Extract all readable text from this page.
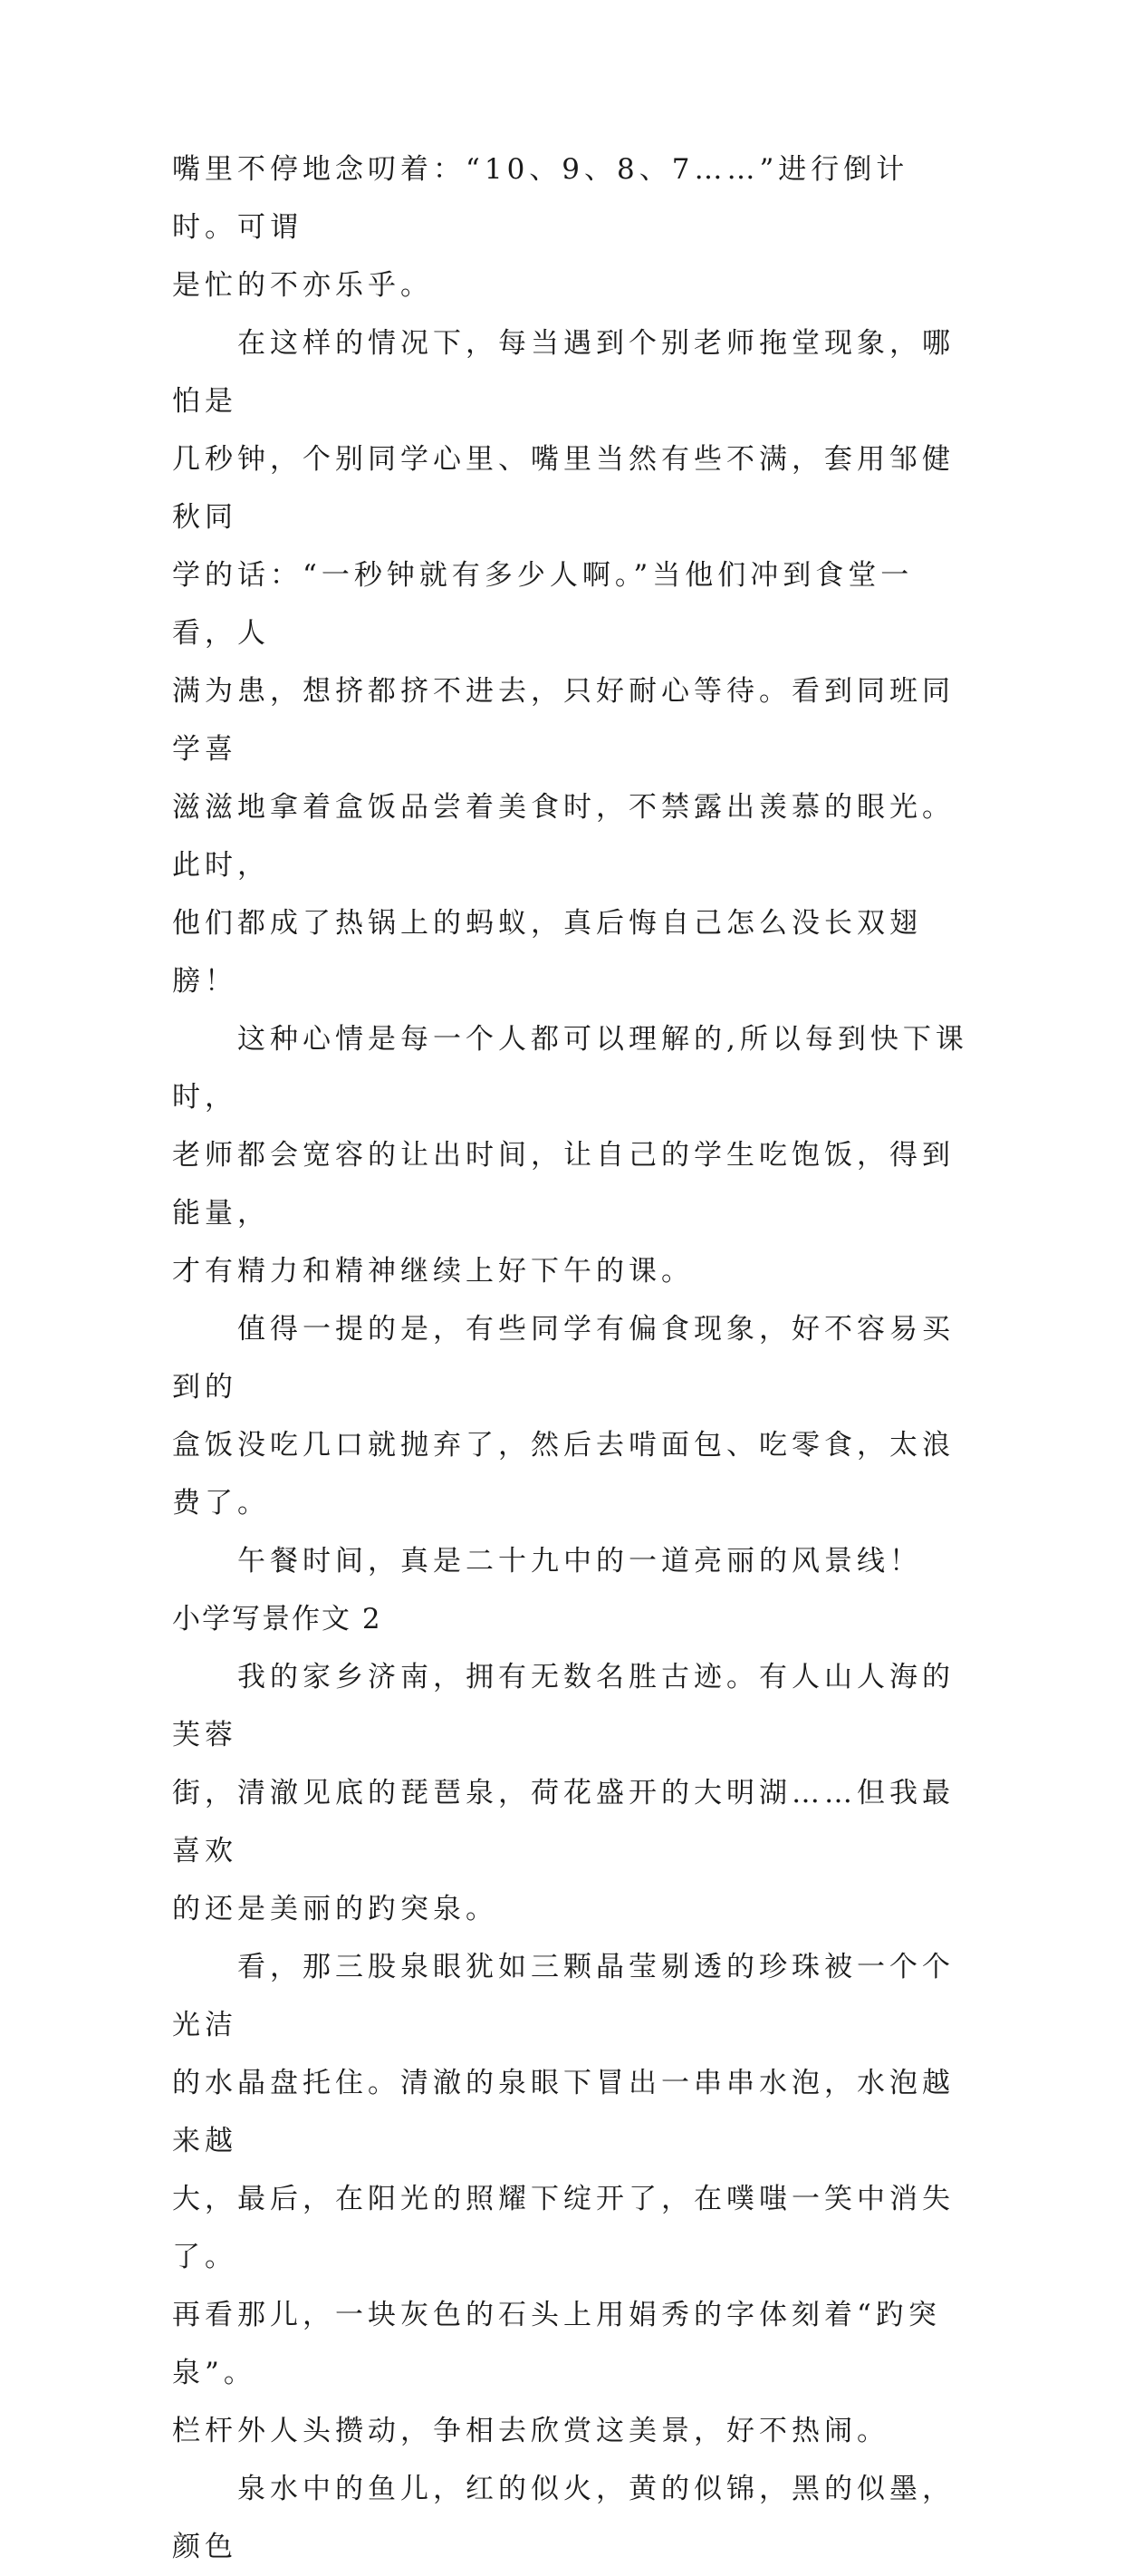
嘴里不停地念叨着：“10、9、8、7……”进行倒计时。可谓
是忙的不亦乐乎。

在这样的情况下，每当遇到个别老师拖堂现象，哪怕是
几秒钟，个别同学心里、嘴里当然有些不满，套用邹健秋同
学的话：“一秒钟就有多少人啊。”当他们冲到食堂一看，人
满为患，想挤都挤不进去，只好耐心等待。看到同班同学喜
滋滋地拿着盒饭品尝着美食时，不禁露出羡慕的眼光。此时，
他们都成了热锅上的蚂蚁，真后悔自己怎么没长双翅膀！

这种心情是每一个人都可以理解的,所以每到快下课时，
老师都会宽容的让出时间，让自己的学生吃饱饭，得到能量，
才有精力和精神继续上好下午的课。

值得一提的是，有些同学有偏食现象，好不容易买到的
盒饭没吃几口就抛弃了，然后去啃面包、吃零食，太浪费了。

午餐时间，真是二十九中的一道亮丽的风景线！

小学写景作文 2

我的家乡济南，拥有无数名胜古迹。有人山人海的芙蓉
街，清澈见底的琵琶泉，荷花盛开的大明湖……但我最喜欢
的还是美丽的趵突泉。

看，那三股泉眼犹如三颗晶莹剔透的珍珠被一个个光洁
的水晶盘托住。清澈的泉眼下冒出一串串水泡，水泡越来越
大，最后，在阳光的照耀下绽开了，在噗嗤一笑中消失了。
再看那儿，一块灰色的石头上用娟秀的字体刻着“趵突泉”。
栏杆外人头攒动，争相去欣赏这美景，好不热闹。

泉水中的鱼儿，红的似火，黄的似锦，黑的似墨，颜色
